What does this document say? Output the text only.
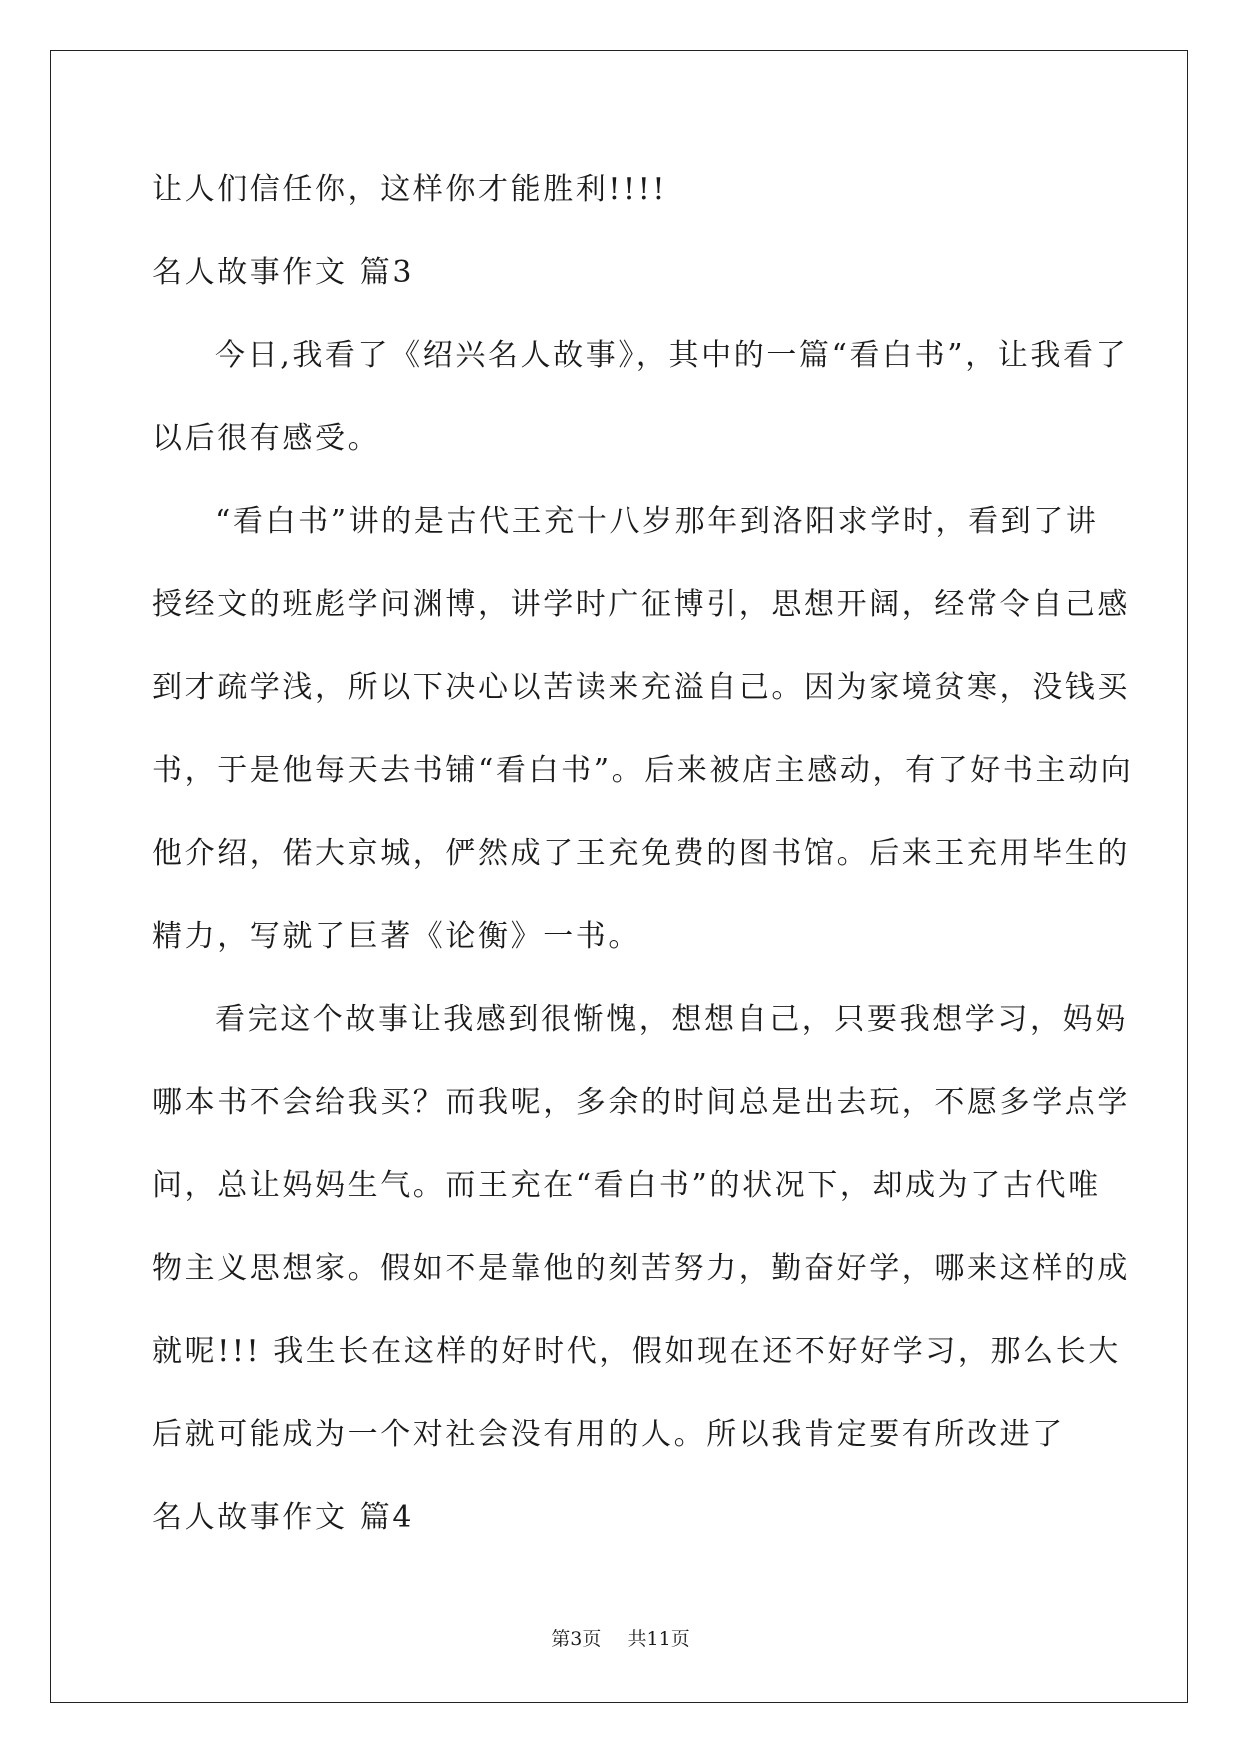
让人们信任你，这样你才能胜利!!!!
名人故事作文 篇3
今日,我看了《绍兴名人故事》，其中的一篇“看白书”，让我看了
以后很有感受。
“看白书”讲的是古代王充十八岁那年到洛阳求学时，看到了讲
授经文的班彪学问渊博，讲学时广征博引，思想开阔，经常令自己感
到才疏学浅，所以下决心以苦读来充溢自己。因为家境贫寒，没钱买
书，于是他每天去书铺“看白书”。后来被店主感动，有了好书主动向
他介绍，偌大京城，俨然成了王充免费的图书馆。后来王充用毕生的
精力，写就了巨著《论衡》一书。
看完这个故事让我感到很惭愧，想想自己，只要我想学习，妈妈
哪本书不会给我买？而我呢，多余的时间总是出去玩，不愿多学点学
问，总让妈妈生气。而王充在“看白书”的状况下，却成为了古代唯
物主义思想家。假如不是靠他的刻苦努力，勤奋好学，哪来这样的成
就呢!!! 我生长在这样的好时代，假如现在还不好好学习，那么长大
后就可能成为一个对社会没有用的人。所以我肯定要有所改进了
名人故事作文 篇4
第3页 共11页
